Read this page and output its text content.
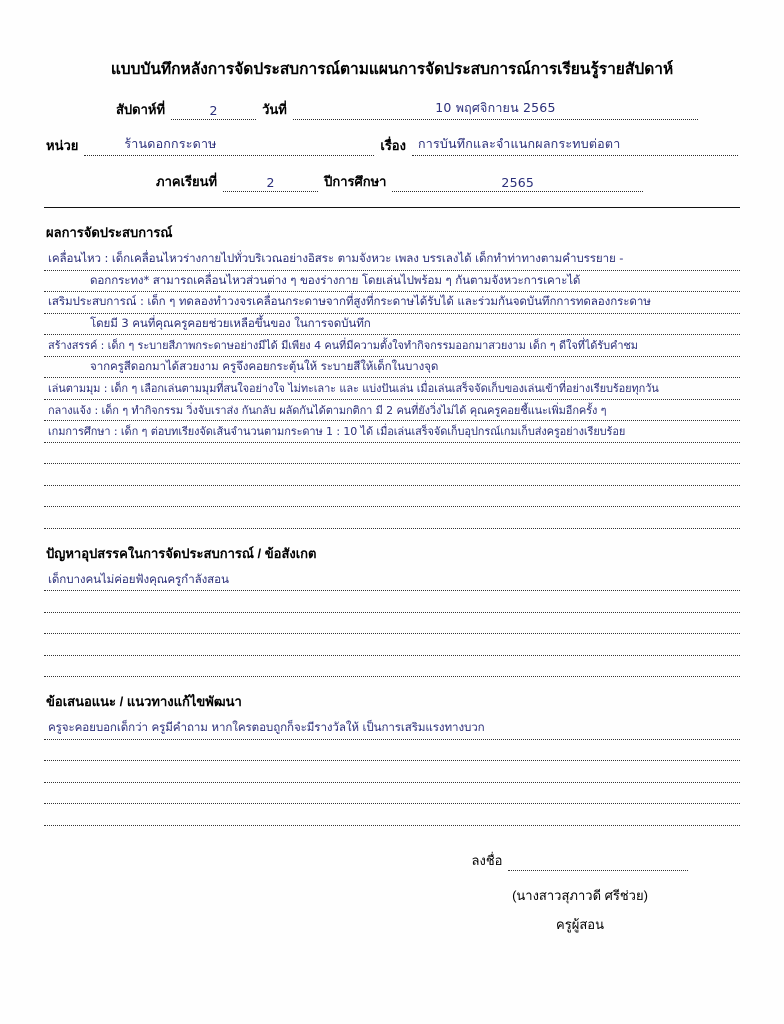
แบบบันทึกหลังการจัดประสบการณ์ตามแผนการจัดประสบการณ์การเรียนรู้รายสัปดาห์
สัปดาห์ที่	2	วันที่	10 พฤศจิกายน 2565
หน่วย	ร้านดอกกระดาษ	เรื่อง การบันทึกและจำแนกผลกระทบต่อตา
ภาคเรียนที่	2	ปีการศึกษา	2565
ผลการจัดประสบการณ์
เคลื่อนไหว : เด็กเคลื่อนไหวร่างกายไปทั่วบริเวณอย่างอิสระ ตามจังหวะ เพลง บรรเลงได้ เด็กทำท่าทางตามคำบรรยาย -
ดอกกระทง* สามารถเคลื่อนไหวส่วนต่าง ๆ ของร่างกาย โดยเล่นไปพร้อม ๆ กันตามจังหวะการเคาะได้
เสริมประสบการณ์ : เด็ก ๆ ทดลองทำวงจรเคลื่อนกระดาษจากที่สูงที่กระดาษได้รับได้ และร่วมกันจดบันทึกการทดลองกระดาษ
โดยมี 3 คนที่คุณครูคอยช่วยเหลือขึ้นของ ในการจดบันทึก
สร้างสรรค์ : เด็ก ๆ ระบายสีภาพกระดาษอย่างมีได้ มีเพียง 4 คนที่มีความตั้งใจทำกิจกรรมออกมาสวยงาม เด็ก ๆ ดีใจที่ได้รับคำชม
จากครูสีดอกมาได้สวยงาม ครูจึงคอยกระตุ้นให้ ระบายสีให้เด็กในบางจุด
เล่นตามมุม : เด็ก ๆ เลือกเล่นตามมุมที่สนใจอย่างใจ ไม่ทะเลาะ และ แบ่งปันเล่น เมื่อเล่นเสร็จจัดเก็บของเล่นเข้าที่อย่างเรียบร้อยทุกวัน
กลางแจ้ง : เด็ก ๆ ทำกิจกรรม วิ่งจับเราส่ง กันกลับ ผลัดกันได้ตามกติกา มี 2 คนที่ยังวิ่งไม่ได้ คุณครูคอยชี้แนะเพิ่มอีกครั้ง ๆ
เกมการศึกษา : เด็ก ๆ ต่อบทเรียงจัดเส้นจำนวนตามกระดาษ 1 : 10 ได้ เมื่อเล่นเสร็จจัดเก็บอุปกรณ์เกมเก็บส่งครูอย่างเรียบร้อย
ปัญหาอุปสรรคในการจัดประสบการณ์ / ข้อสังเกต
เด็กบางคนไม่ค่อยฟังคุณครูกำลังสอน
ข้อเสนอแนะ / แนวทางแก้ไขพัฒนา
ครูจะคอยบอกเด็กว่า ครูมีคำถาม หากใครตอบถูกก็จะมีรางวัลให้ เป็นการเสริมแรงทางบวก
ลงชื่อ
(นางสาวสุภาวดี ศรีช่วย)
ครูผู้สอน
